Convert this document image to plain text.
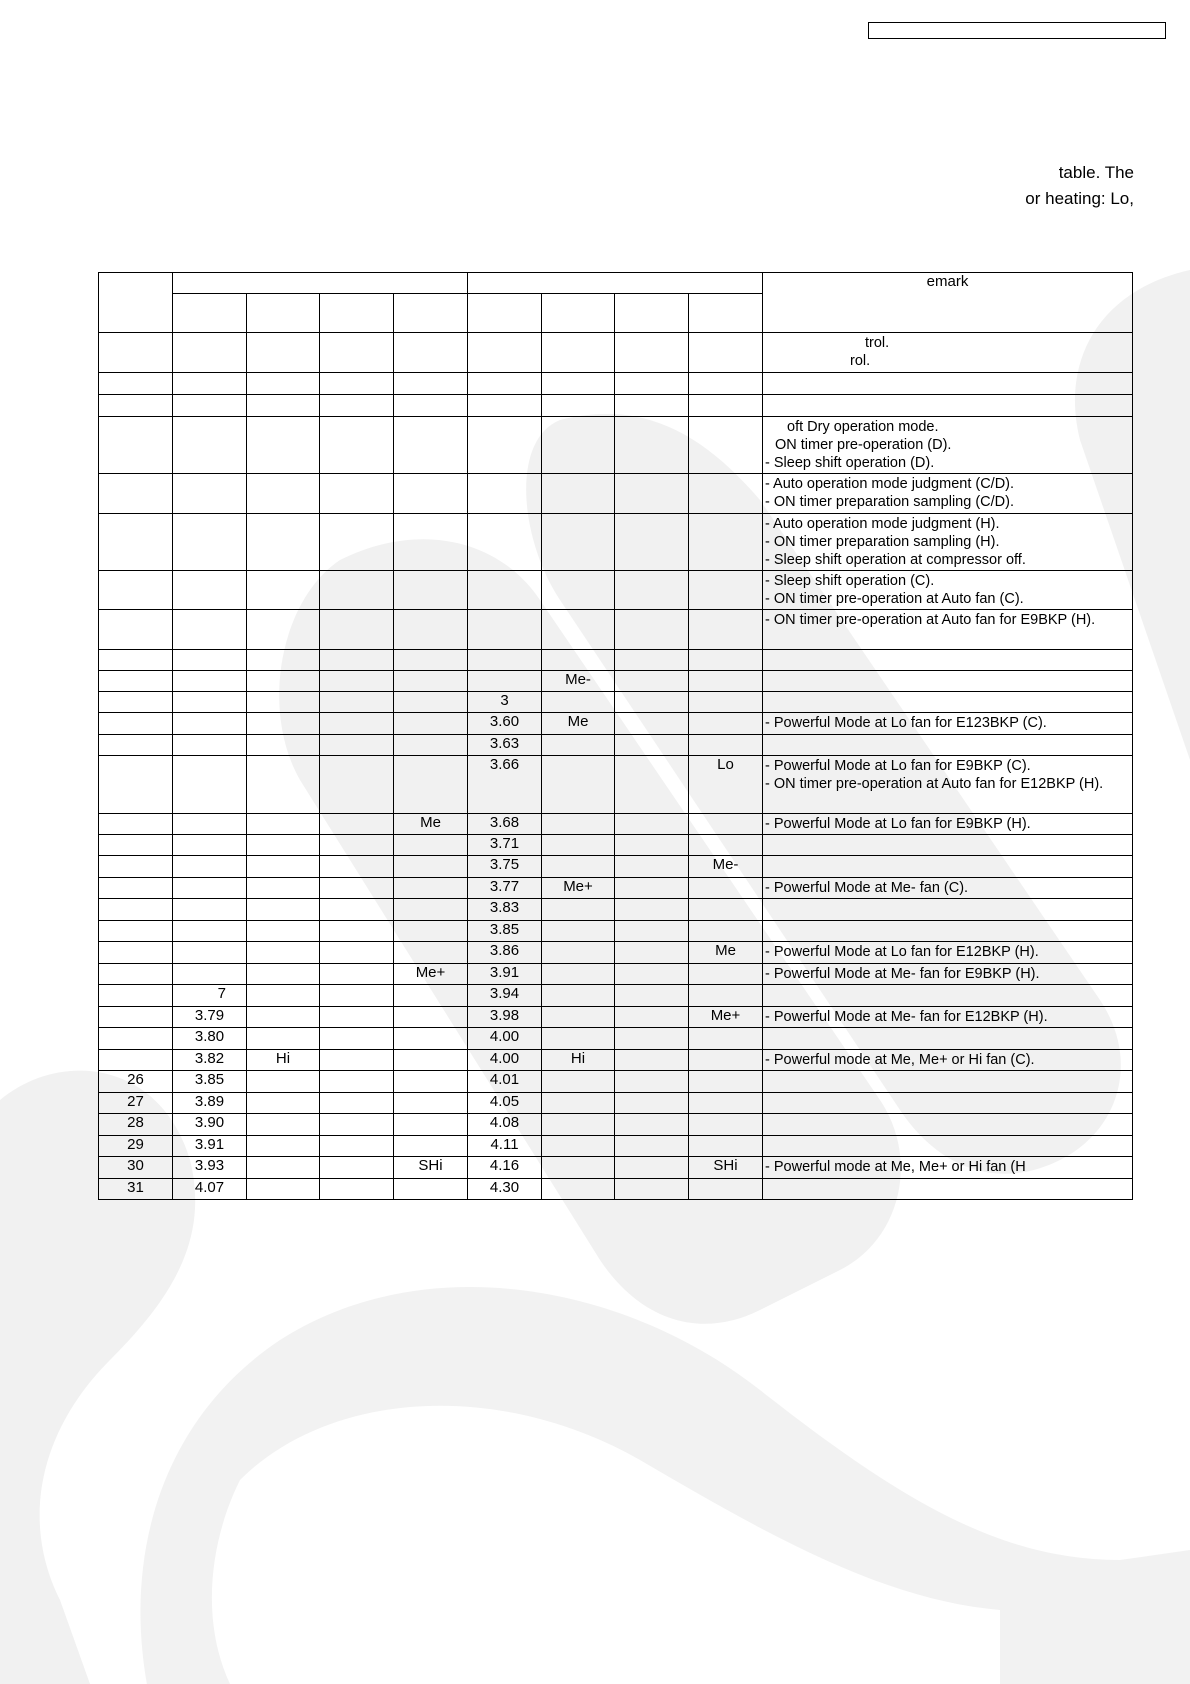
table. The
or heating: Lo,
									emark

									trol.
rol.

									oft Dry operation mode.
ON timer pre-operation (D).
- Sleep shift operation (D).

									- Auto operation mode judgment (C/D).
- ON timer preparation sampling (C/D).

									- Auto operation mode judgment (H).
- ON timer preparation sampling (H).
- Sleep shift operation at compressor off.

									- Sleep shift operation (C).
- ON timer pre-operation at Auto fan (C).

									- ON timer pre-operation at Auto fan for E9BKP (H).

						Me-			
					3				
					3.60	Me			- Powerful Mode at Lo fan for E123BKP (C).

					3.63				
					3.66			Lo	- Powerful Mode at Lo fan for E9BKP (C).
- ON timer pre-operation at Auto fan for E12BKP (H).

				Me	3.68				- Powerful Mode at Lo fan for E9BKP (H).

					3.71				
					3.75			Me-	
					3.77	Me+			- Powerful Mode at Me- fan (C).

					3.83				
					3.85				
					3.86			Me	- Powerful Mode at Lo fan for E12BKP (H).

				Me+	3.91				- Powerful Mode at Me- fan for E9BKP (H).

	7				3.94				
	3.79				3.98			Me+	- Powerful Mode at Me- fan for E12BKP (H).

	3.80				4.00				
	3.82	Hi			4.00	Hi			- Powerful mode at Me, Me+ or Hi fan (C).

26	3.85				4.01				
27	3.89				4.05				
28	3.90				4.08				
29	3.91				4.11				
30	3.93			SHi	4.16			SHi	- Powerful mode at Me, Me+ or Hi fan (H

31	4.07				4.30				
